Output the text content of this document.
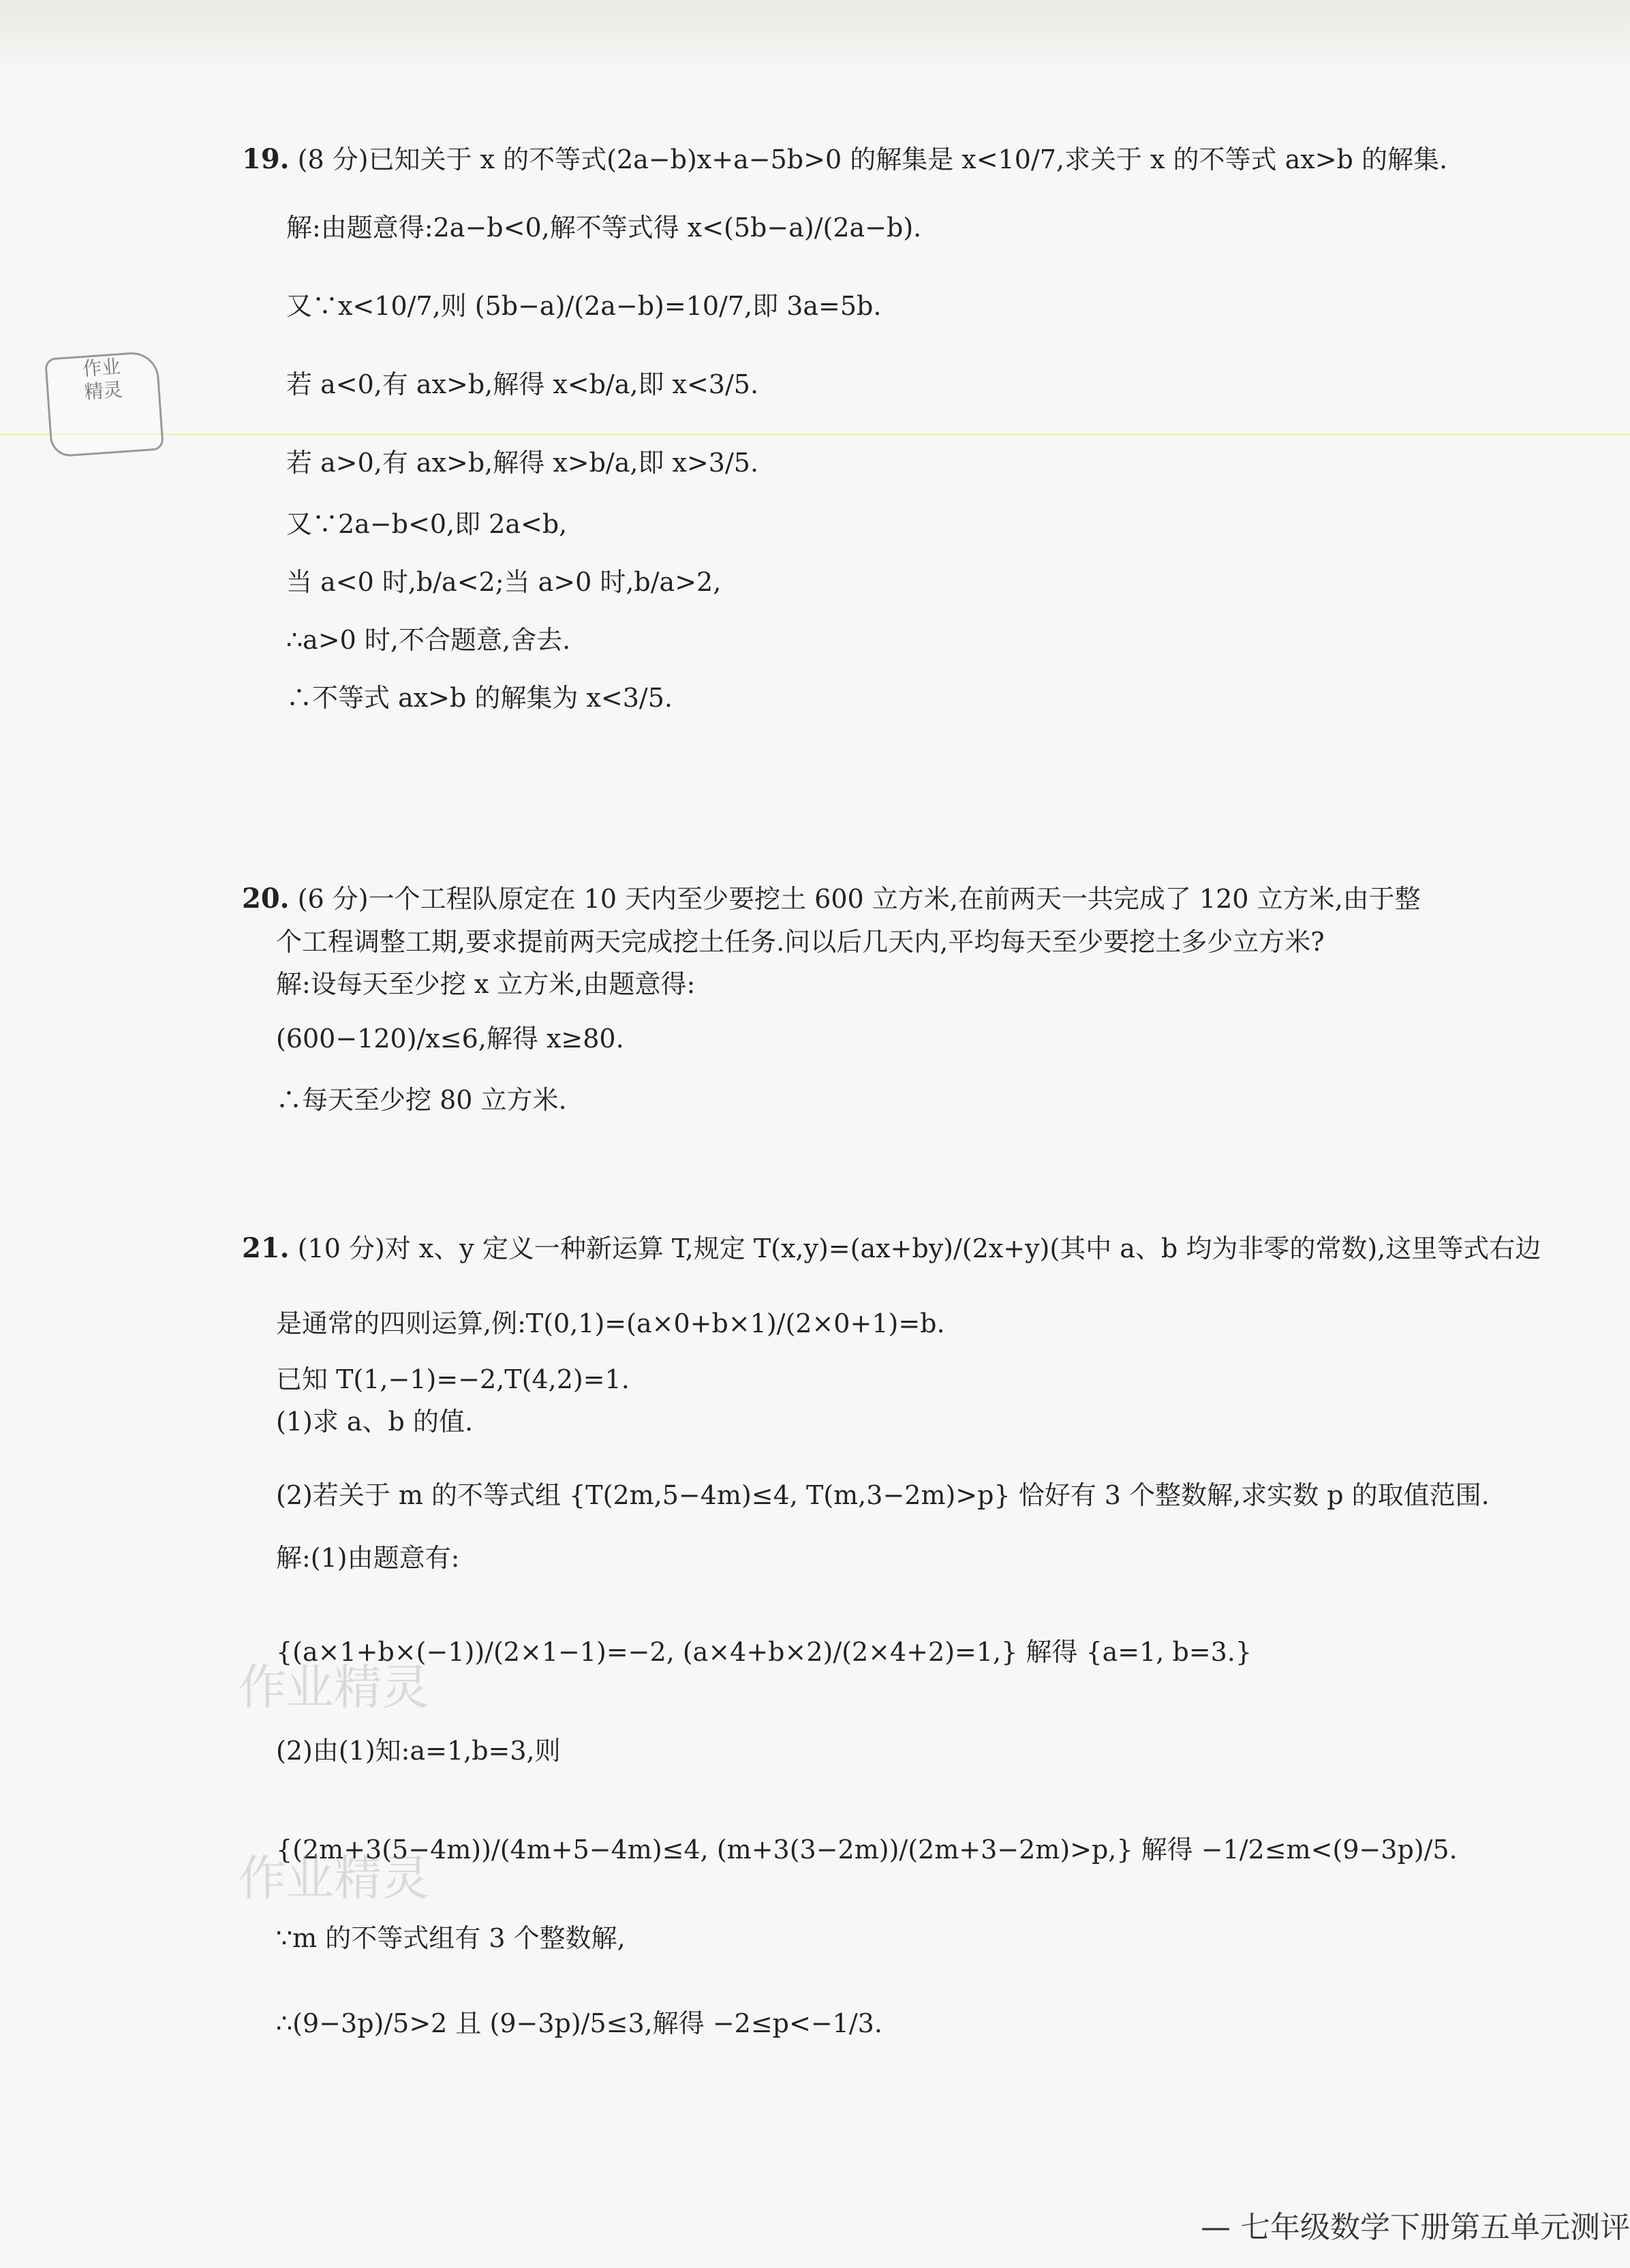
作业
精灵
19. (8 分)已知关于 x 的不等式(2a−b)x+a−5b>0 的解集是 x<10/7,求关于 x 的不等式 ax>b 的解集.
解:由题意得:2a−b<0,解不等式得 x<(5b−a)/(2a−b).
又∵x<10/7,则 (5b−a)/(2a−b)=10/7,即 3a=5b.
若 a<0,有 ax>b,解得 x<b/a,即 x<3/5.
若 a>0,有 ax>b,解得 x>b/a,即 x>3/5.
又∵2a−b<0,即 2a<b,
当 a<0 时,b/a<2;当 a>0 时,b/a>2,
∴a>0 时,不合题意,舍去.
∴不等式 ax>b 的解集为 x<3/5.
20. (6 分)一个工程队原定在 10 天内至少要挖土 600 立方米,在前两天一共完成了 120 立方米,由于整
个工程调整工期,要求提前两天完成挖土任务.问以后几天内,平均每天至少要挖土多少立方米?
解:设每天至少挖 x 立方米,由题意得:
(600−120)/x≤6,解得 x≥80.
∴每天至少挖 80 立方米.
21. (10 分)对 x、y 定义一种新运算 T,规定 T(x,y)=(ax+by)/(2x+y)(其中 a、b 均为非零的常数),这里等式右边
是通常的四则运算,例:T(0,1)=(a×0+b×1)/(2×0+1)=b.
已知 T(1,−1)=−2,T(4,2)=1.
(1)求 a、b 的值.
(2)若关于 m 的不等式组 {T(2m,5−4m)≤4, T(m,3−2m)>p} 恰好有 3 个整数解,求实数 p 的取值范围.
解:(1)由题意有:
{(a×1+b×(−1))/(2×1−1)=−2, (a×4+b×2)/(2×4+2)=1,} 解得 {a=1, b=3.}
(2)由(1)知:a=1,b=3,则
{(2m+3(5−4m))/(4m+5−4m)≤4, (m+3(3−2m))/(2m+3−2m)>p,} 解得 −1/2≤m<(9−3p)/5.
∵m 的不等式组有 3 个整数解,
∴(9−3p)/5>2 且 (9−3p)/5≤3,解得 −2≤p<−1/3.
作业精灵
作业精灵
— 七年级数学下册第五单元测评
